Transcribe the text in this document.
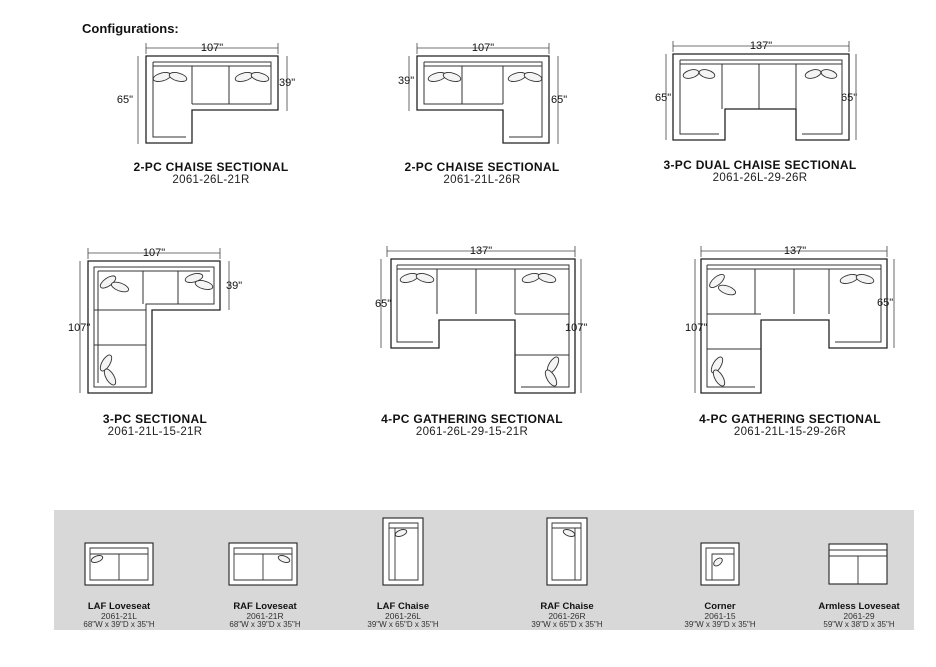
Configurations:
107"
65"
39"
2-PC CHAISE SECTIONAL
2061-26L-21R
107"
39"
65"
2-PC CHAISE SECTIONAL
2061-21L-26R
137"
65"	65"
3-PC DUAL CHAISE SECTIONAL
2061-26L-29-26R
107"
107"
39"
3-PC SECTIONAL
2061-21L-15-21R
137"
65"
107"
4-PC GATHERING SECTIONAL
2061-26L-29-15-21R
137"
107"
65"
4-PC GATHERING SECTIONAL
2061-21L-15-29-26R
LAF Loveseat
2061-21L
68"W x 39"D x 35"H
RAF Loveseat
2061-21R
68"W x 39"D x 35"H
LAF Chaise
2061-26L
39"W x 65"D x 35"H
RAF Chaise
2061-26R
39"W x 65"D x 35"H
Corner
2061-15
39"W x 39"D x 35"H
Armless Loveseat
2061-29
59"W x 38"D x 35"H
